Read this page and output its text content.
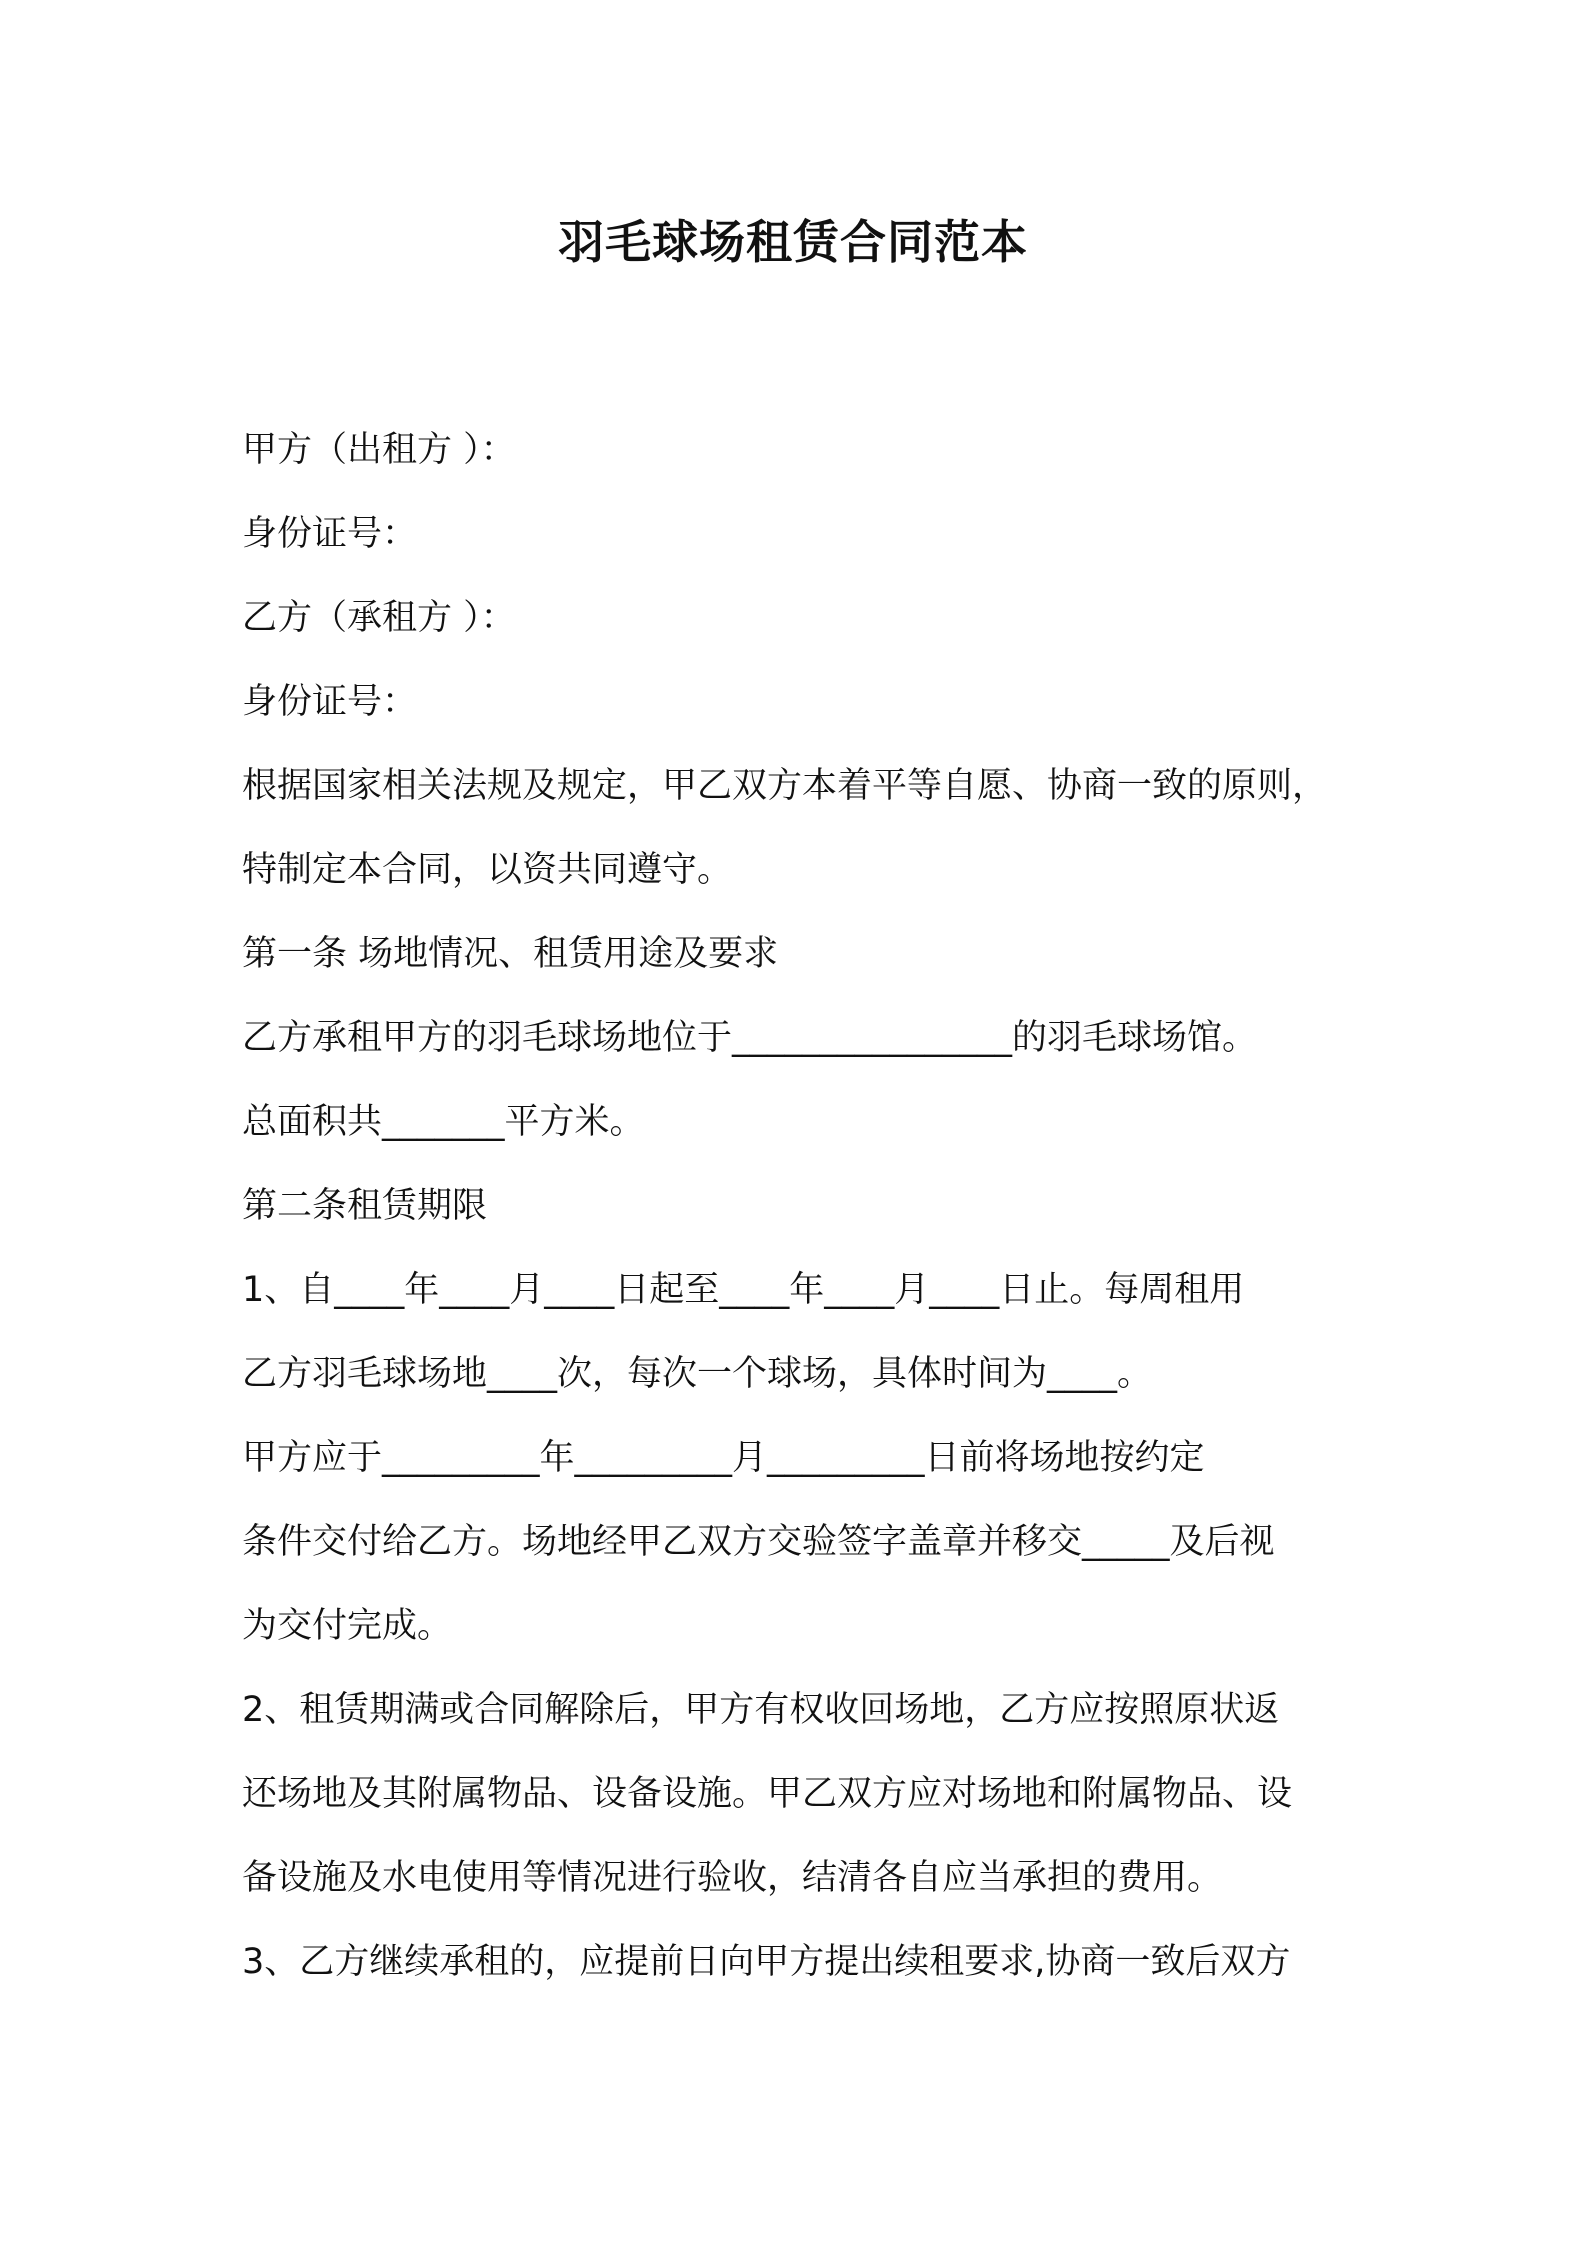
羽毛球场租赁合同范本
甲方（出租方 ）：
身份证号：
乙方（承租方 ）：
身份证号：
根据国家相关法规及规定，甲乙双方本着平等自愿、协商一致的原则，
特制定本合同，以资共同遵守。
第一条 场地情况、租赁用途及要求
乙方承租甲方的羽毛球场地位于________________的羽毛球场馆。
总面积共_______平方米。
第二条租赁期限
1、自____年____月____日起至____年____月____日止。每周租用
乙方羽毛球场地____次，每次一个球场，具体时间为____。
甲方应于_________年_________月_________日前将场地按约定
条件交付给乙方。场地经甲乙双方交验签字盖章并移交_____及后视
为交付完成。
2、租赁期满或合同解除后，甲方有权收回场地，乙方应按照原状返
还场地及其附属物品、设备设施。甲乙双方应对场地和附属物品、设
备设施及水电使用等情况进行验收，结清各自应当承担的费用。
3、乙方继续承租的，应提前日向甲方提出续租要求,协商一致后双方
